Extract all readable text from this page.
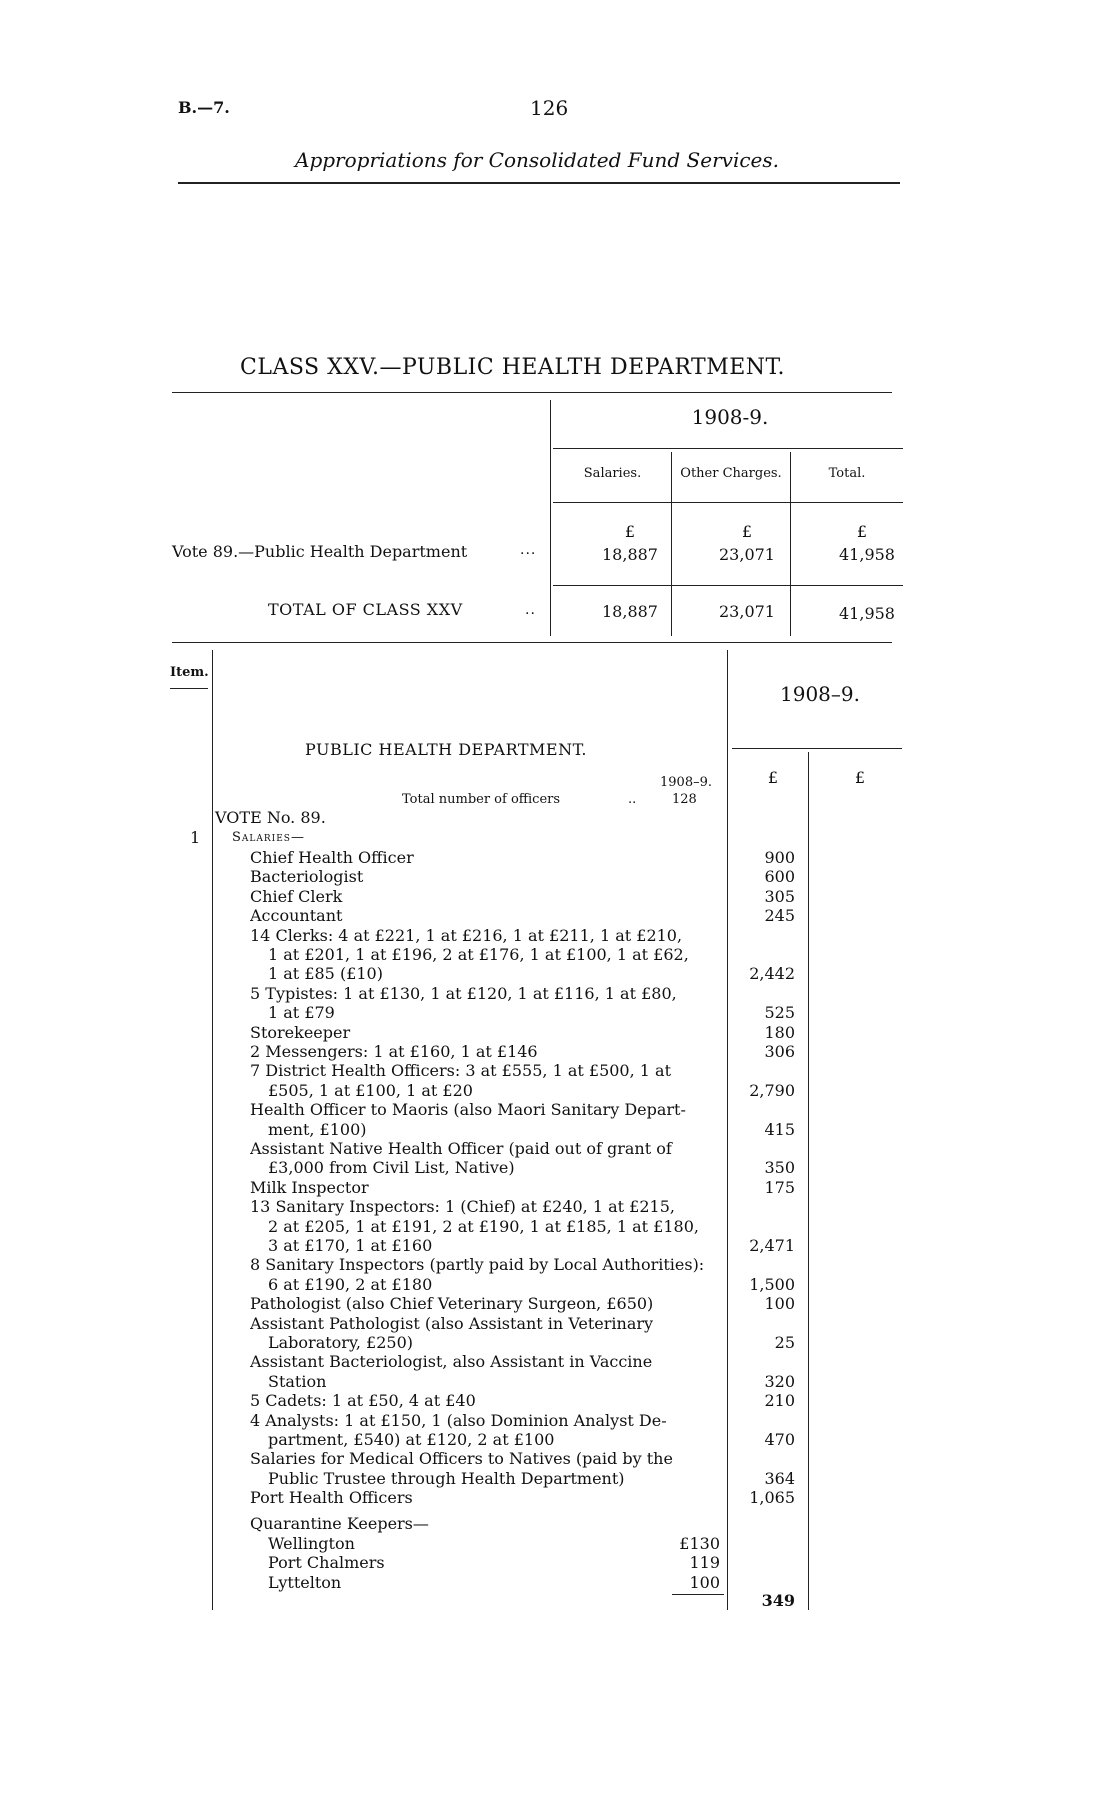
B.—7.	126
Appropriations for Consolidated Fund Services.
CLASS XXV.—PUBLIC HEALTH DEPARTMENT.
1908-9.
Salaries.	Other Charges.	Total.
£	£	£
Vote 89.—Public Health Department	...	18,887	23,071	41,958
TOTAL OF CLASS XXV	..	18,887	23,071	41,958
Item.
1908–9.
£	£
PUBLIC HEALTH DEPARTMENT.
1908–9.
Total number of officers	..	128
VOTE No. 89.
1 Salaries—
Chief Health Officer	900
Bacteriologist	600
Chief Clerk	305
Accountant	245
14 Clerks: 4 at £221, 1 at £216, 1 at £211, 1 at £210,
1 at £201, 1 at £196, 2 at £176, 1 at £100, 1 at £62,
1 at £85 (£10)	2,442
5 Typistes: 1 at £130, 1 at £120, 1 at £116, 1 at £80,
1 at £79	525
Storekeeper	180
2 Messengers: 1 at £160, 1 at £146	306
7 District Health Officers: 3 at £555, 1 at £500, 1 at
£505, 1 at £100, 1 at £20	2,790
Health Officer to Maoris (also Maori Sanitary Depart-
ment, £100)	415
Assistant Native Health Officer (paid out of grant of
£3,000 from Civil List, Native)	350
Milk Inspector	175
13 Sanitary Inspectors: 1 (Chief) at £240, 1 at £215,
2 at £205, 1 at £191, 2 at £190, 1 at £185, 1 at £180,
3 at £170, 1 at £160	2,471
8 Sanitary Inspectors (partly paid by Local Authorities):
6 at £190, 2 at £180	1,500
Pathologist (also Chief Veterinary Surgeon, £650)	100
Assistant Pathologist (also Assistant in Veterinary
Laboratory, £250)	25
Assistant Bacteriologist, also Assistant in Vaccine
Station	320
5 Cadets: 1 at £50, 4 at £40	210
4 Analysts: 1 at £150, 1 (also Dominion Analyst De-
partment, £540) at £120, 2 at £100	470
Salaries for Medical Officers to Natives (paid by the
Public Trustee through Health Department)	364
Port Health Officers	1,065
Quarantine Keepers—
Wellington	£130
Port Chalmers	119
Lyttelton	100
349
